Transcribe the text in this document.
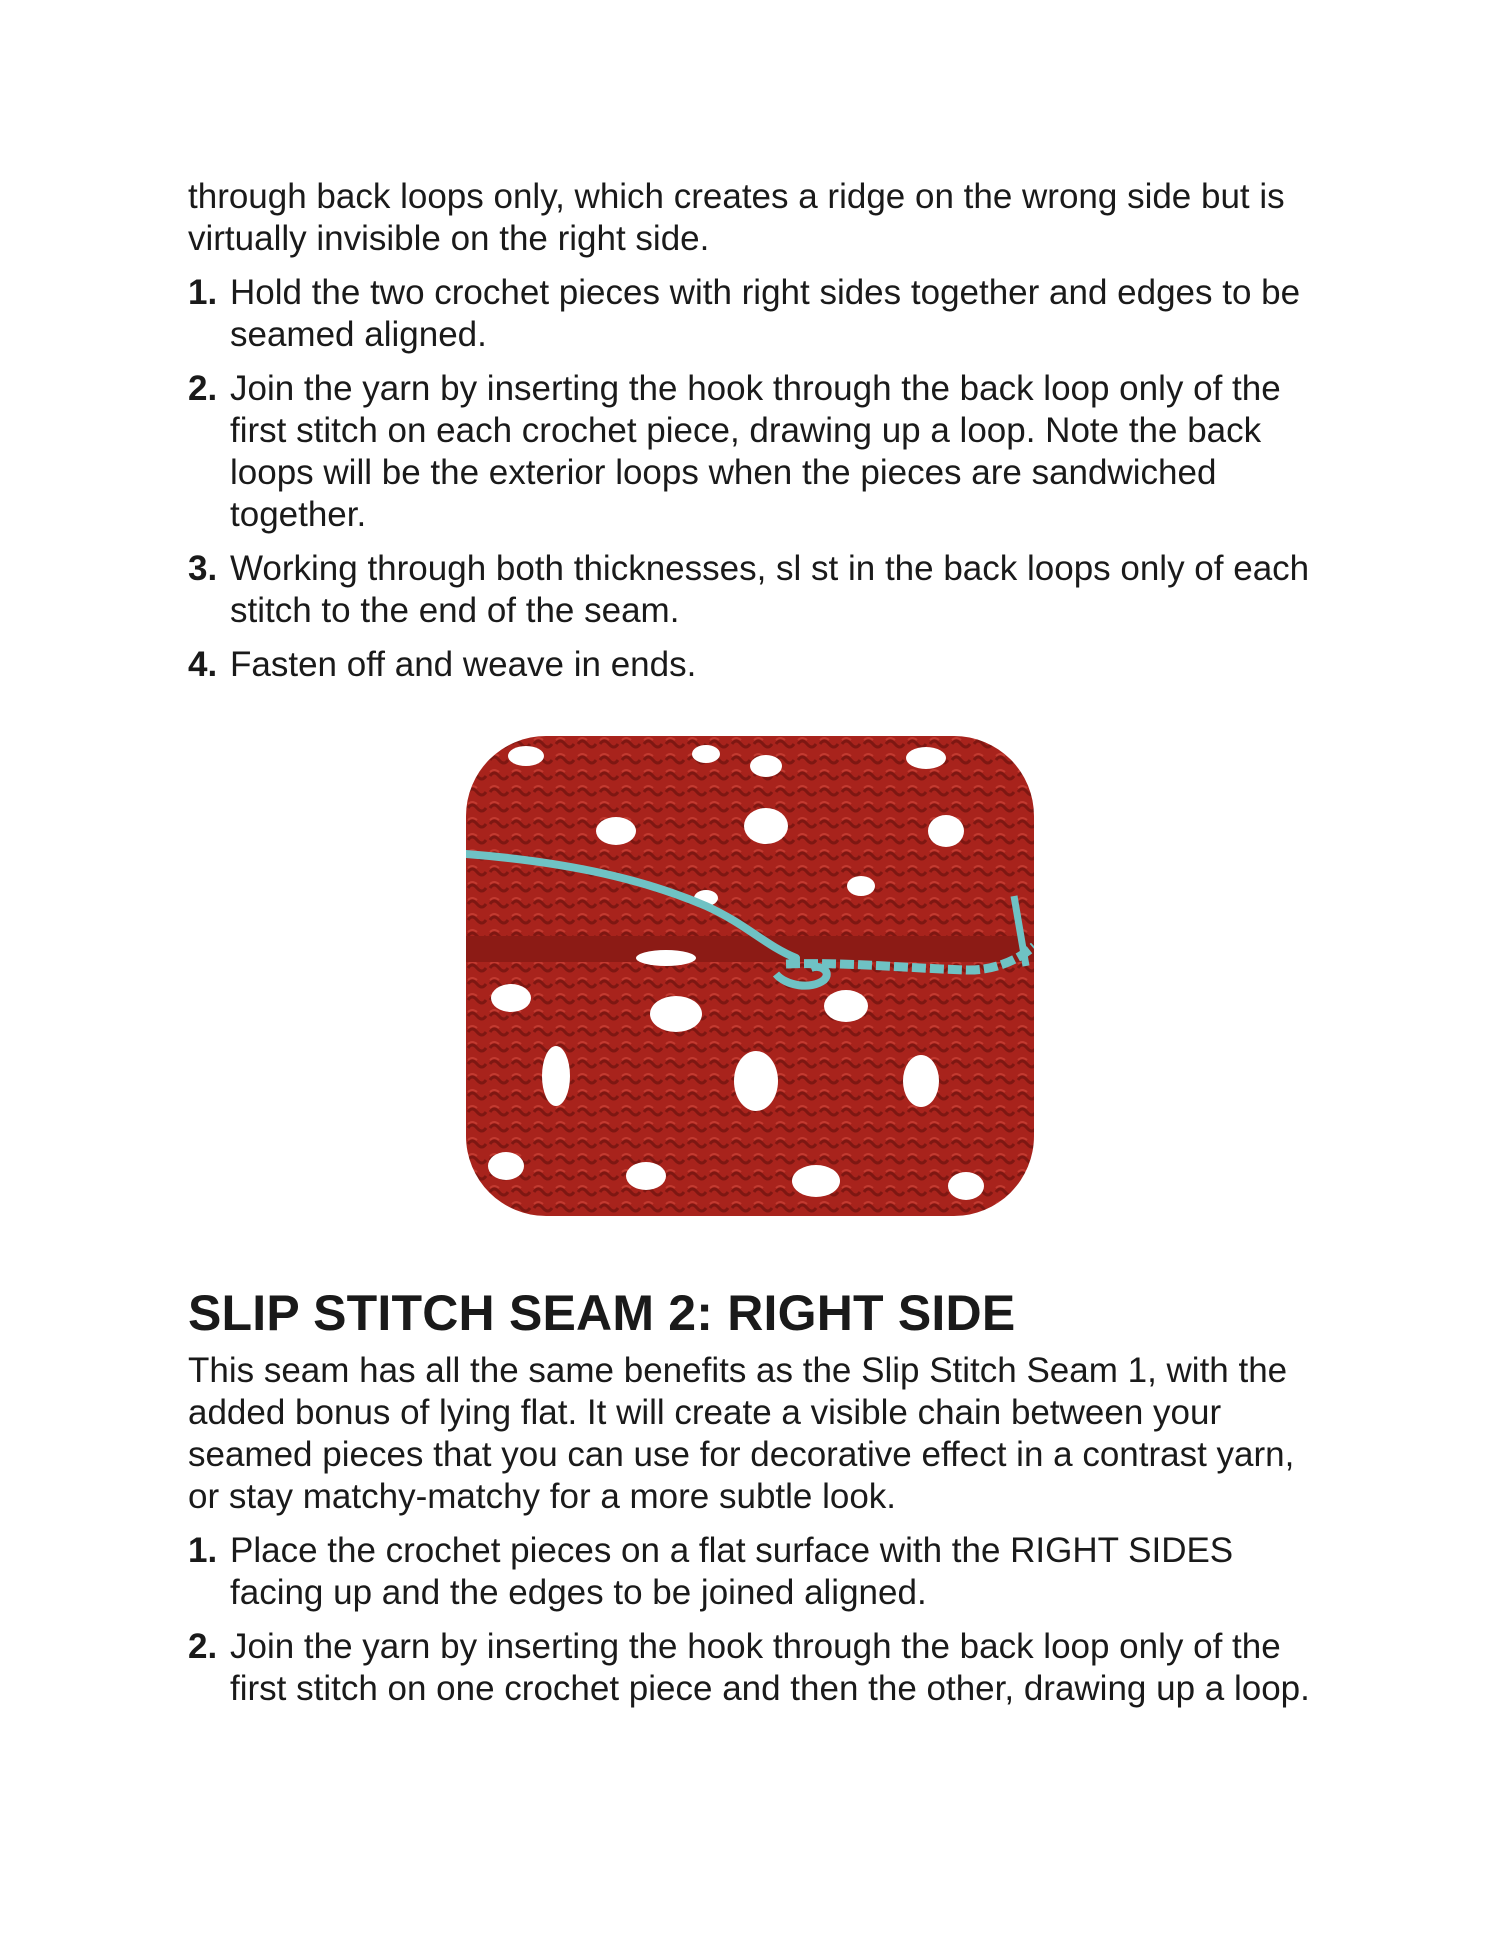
through back loops only, which creates a ridge on the wrong side but is virtually invisible on the right side.

1. Hold the two crochet pieces with right sides together and edges to be seamed aligned.
2. Join the yarn by inserting the hook through the back loop only of the first stitch on each crochet piece, drawing up a loop. Note the back loops will be the exterior loops when the pieces are sandwiched together.
3. Working through both thicknesses, sl st in the back loops only of each stitch to the end of the seam.
4. Fasten off and weave in ends.
SLIP STITCH SEAM 2: RIGHT SIDE

This seam has all the same benefits as the Slip Stitch Seam 1, with the added bonus of lying flat. It will create a visible chain between your seamed pieces that you can use for decorative effect in a contrast yarn, or stay matchy-matchy for a more subtle look.

1. Place the crochet pieces on a flat surface with the RIGHT SIDES facing up and the edges to be joined aligned.
2. Join the yarn by inserting the hook through the back loop only of the first stitch on one crochet piece and then the other, drawing up a loop.
